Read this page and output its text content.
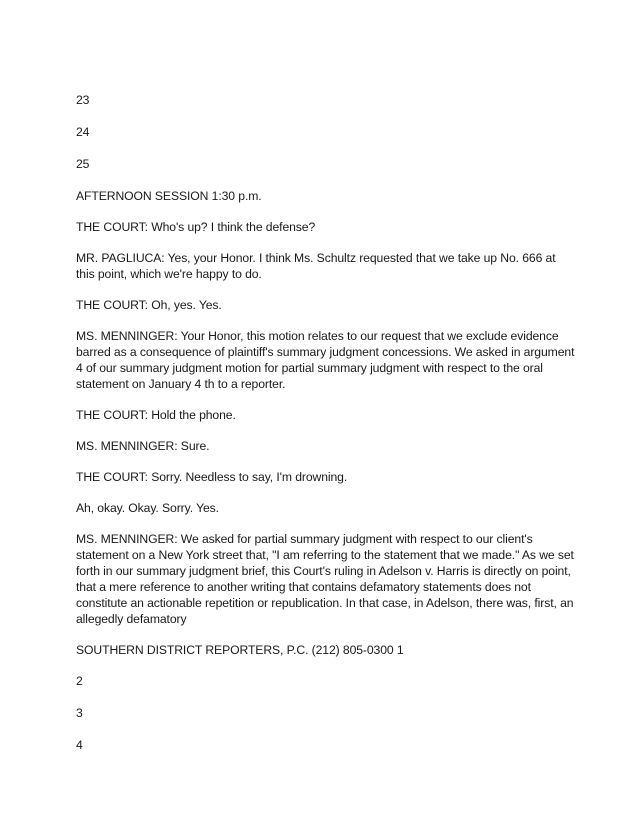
23

24

25

AFTERNOON SESSION 1:30 p.m.

THE COURT: Who's up? I think the defense?

MR. PAGLIUCA: Yes, your Honor. I think Ms. Schultz requested that we take up No. 666 at this point, which we're happy to do.

THE COURT: Oh, yes. Yes.

MS. MENNINGER: Your Honor, this motion relates to our request that we exclude evidence barred as a consequence of plaintiff's summary judgment concessions. We asked in argument 4 of our summary judgment motion for partial summary judgment with respect to the oral statement on January 4 th to a reporter.

THE COURT: Hold the phone.

MS. MENNINGER: Sure.

THE COURT: Sorry. Needless to say, I'm drowning.

Ah, okay. Okay. Sorry. Yes.

MS. MENNINGER: We asked for partial summary judgment with respect to our client's statement on a New York street that, "I am referring to the statement that we made." As we set forth in our summary judgment brief, this Court's ruling in Adelson v. Harris is directly on point, that a mere reference to another writing that contains defamatory statements does not constitute an actionable repetition or republication. In that case, in Adelson, there was, first, an allegedly defamatory

SOUTHERN DISTRICT REPORTERS, P.C. (212) 805-0300 1

2

3

4
